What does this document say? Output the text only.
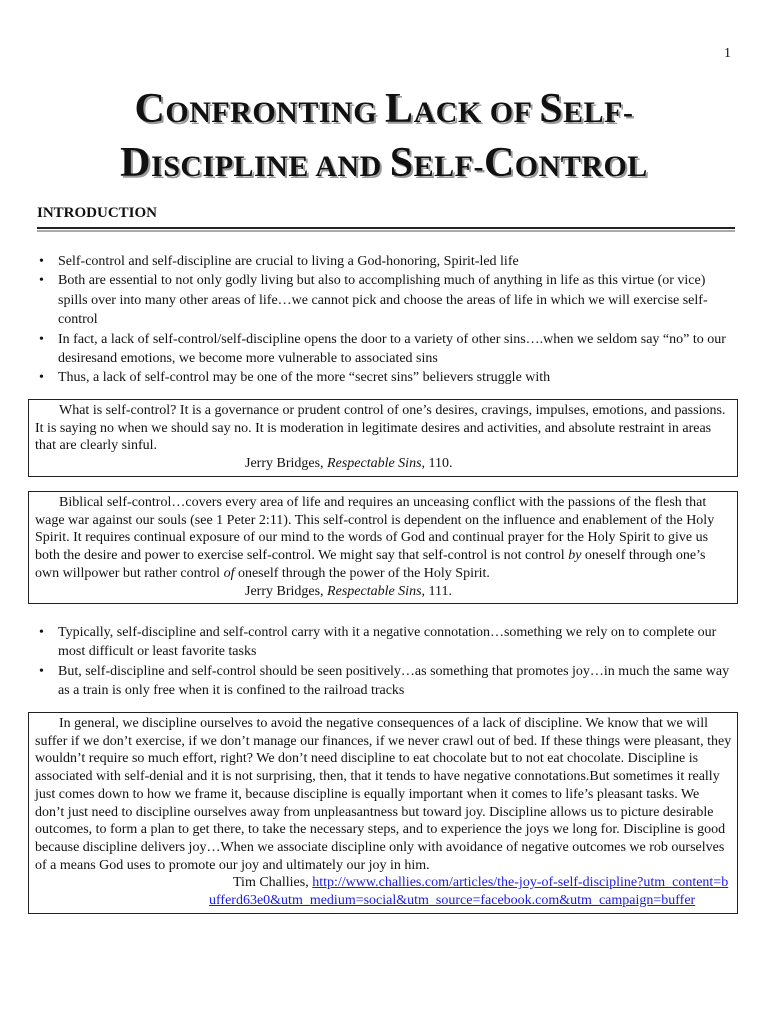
1
CONFRONTING LACK OF SELF-
DISCIPLINE AND SELF-CONTROL
INTRODUCTION
• Self-control and self-discipline are crucial to living a God-honoring, Spirit-led life
• Both are essential to not only godly living but also to accomplishing much of anything in life as this virtue (or vice) spills over into many other areas of life…we cannot pick and choose the areas of life in which we will exercise self-control
• In fact, a lack of self-control/self-discipline opens the door to a variety of other sins….when we seldom say “no” to our desiresand emotions, we become more vulnerable to associated sins
• Thus, a lack of self-control may be one of the more “secret sins” believers struggle with

What is self-control? It is a governance or prudent control of one’s desires, cravings, impulses, emotions, and passions. It is saying no when we should say no. It is moderation in legitimate desires and activities, and absolute restraint in areas that are clearly sinful.

Jerry Bridges, Respectable Sins, 110.

Biblical self-control…covers every area of life and requires an unceasing conflict with the passions of the flesh that wage war against our souls (see 1 Peter 2:11). This self-control is dependent on the influence and enablement of the Holy Spirit. It requires continual exposure of our mind to the words of God and continual prayer for the Holy Spirit to give us both the desire and power to exercise self-control. We might say that self-control is not control by oneself through one’s own willpower but rather control of oneself through the power of the Holy Spirit.

Jerry Bridges, Respectable Sins, 111.

• Typically, self-discipline and self-control carry with it a negative connotation…something we rely on to complete our most difficult or least favorite tasks
• But, self-discipline and self-control should be seen positively…as something that promotes joy…in much the same way as a train is only free when it is confined to the railroad tracks

In general, we discipline ourselves to avoid the negative consequences of a lack of discipline. We know that we will suffer if we don’t exercise, if we don’t manage our finances, if we never crawl out of bed. If these things were pleasant, they wouldn’t require so much effort, right? We don’t need discipline to eat chocolate but to not eat chocolate. Discipline is associated with self-denial and it is not surprising, then, that it tends to have negative connotations.But sometimes it really just comes down to how we frame it, because discipline is equally important when it comes to life’s pleasant tasks. We don’t just need to discipline ourselves away from unpleasantness but toward joy. Discipline allows us to picture desirable outcomes, to form a plan to get there, to take the necessary steps, and to experience the joys we long for. Discipline is good because discipline delivers joy…When we associate discipline only with avoidance of negative outcomes we rob ourselves of a means God uses to promote our joy and ultimately our joy in him.

Tim Challies, http://www.challies.com/articles/the-joy-of-self-discipline?utm_content=bufferd63e0&utm_medium=social&utm_source=facebook.com&utm_campaign=buffer
